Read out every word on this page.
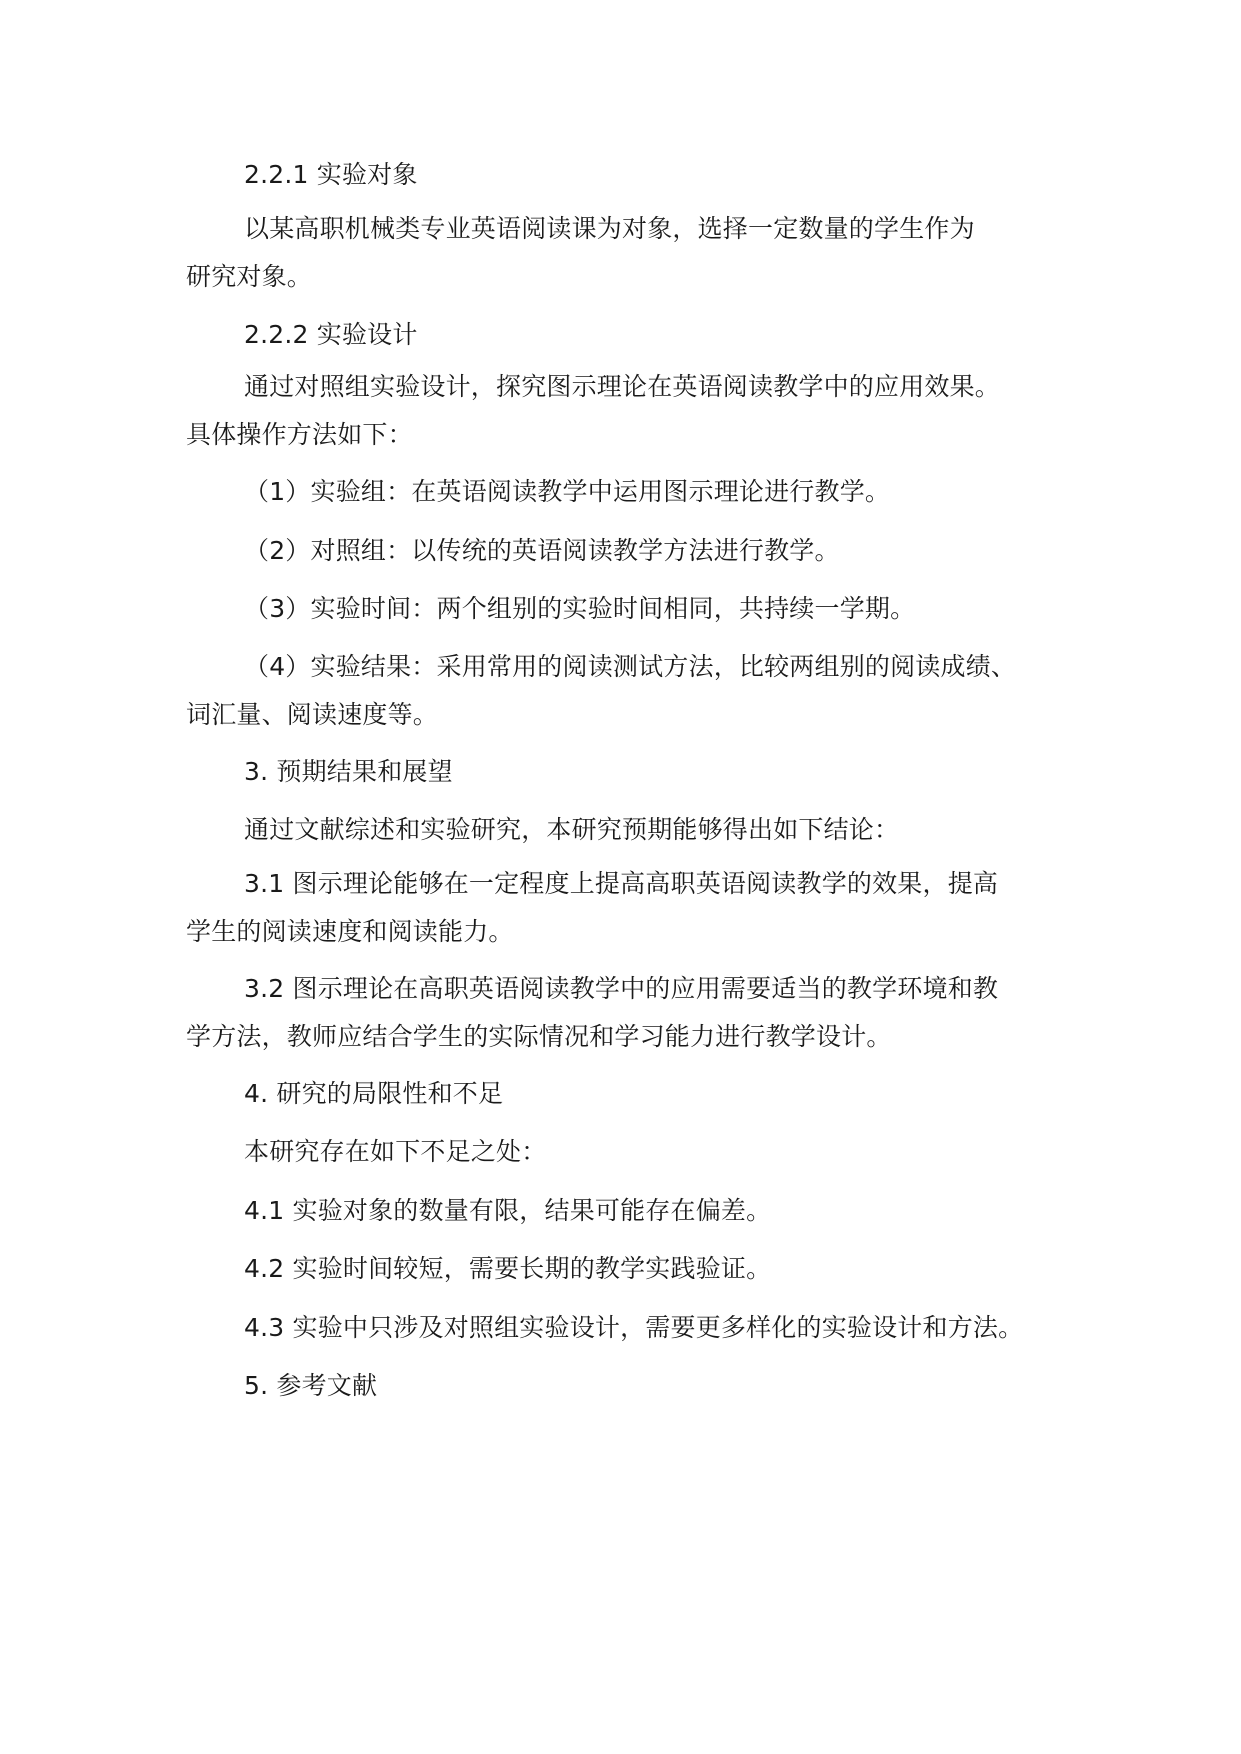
2.2.1 实验对象
以某高职机械类专业英语阅读课为对象，选择一定数量的学生作为
研究对象。
2.2.2 实验设计
通过对照组实验设计，探究图示理论在英语阅读教学中的应用效果。
具体操作方法如下：
（1）实验组：在英语阅读教学中运用图示理论进行教学。
（2）对照组：以传统的英语阅读教学方法进行教学。
（3）实验时间：两个组别的实验时间相同，共持续一学期。
（4）实验结果：采用常用的阅读测试方法，比较两组别的阅读成绩、
词汇量、阅读速度等。
3. 预期结果和展望
通过文献综述和实验研究，本研究预期能够得出如下结论：
3.1 图示理论能够在一定程度上提高高职英语阅读教学的效果，提高
学生的阅读速度和阅读能力。
3.2 图示理论在高职英语阅读教学中的应用需要适当的教学环境和教
学方法，教师应结合学生的实际情况和学习能力进行教学设计。
4. 研究的局限性和不足
本研究存在如下不足之处：
4.1 实验对象的数量有限，结果可能存在偏差。
4.2 实验时间较短，需要长期的教学实践验证。
4.3 实验中只涉及对照组实验设计，需要更多样化的实验设计和方法。
5. 参考文献
